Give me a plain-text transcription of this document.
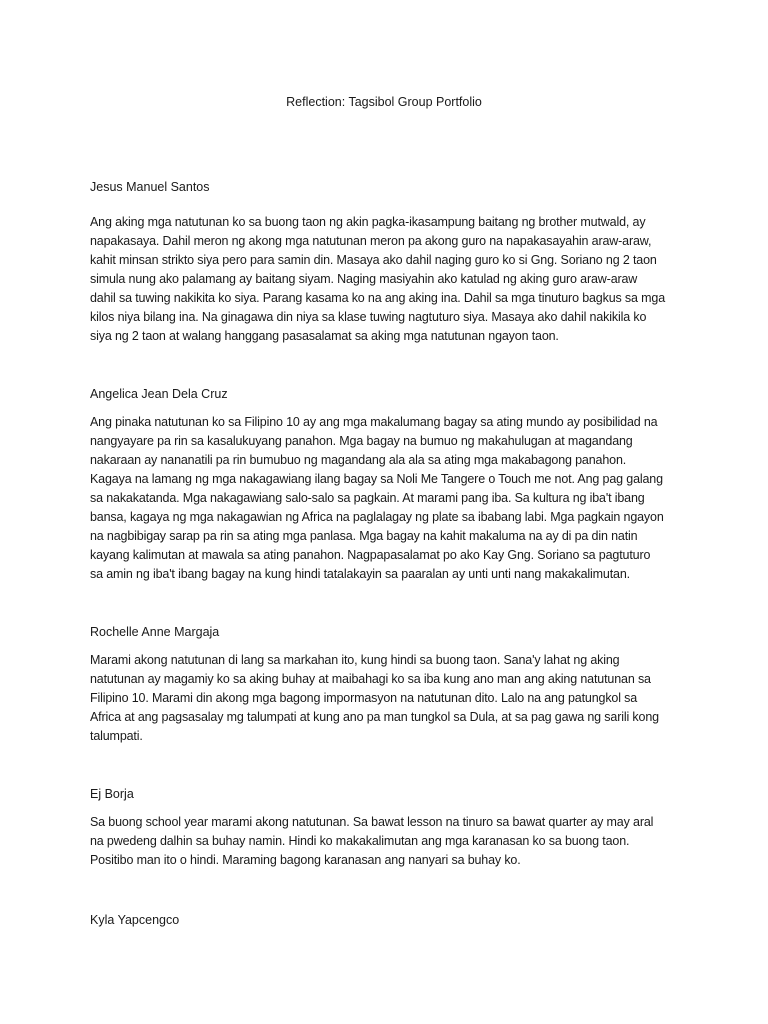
Reflection: Tagsibol Group Portfolio
Jesus Manuel Santos
Ang aking mga natutunan ko sa buong taon ng akin pagka-ikasampung baitang ng brother mutwald, ay
napakasaya. Dahil meron ng akong mga natutunan meron pa akong guro na napakasayahin araw-araw,
kahit minsan strikto siya pero para samin din. Masaya ako dahil naging guro ko si Gng. Soriano ng 2 taon
simula nung ako palamang ay baitang siyam. Naging masiyahin ako katulad ng aking guro araw-araw
dahil sa tuwing nakikita ko siya. Parang kasama ko na ang aking ina. Dahil sa mga tinuturo bagkus sa mga
kilos niya bilang ina. Na ginagawa din niya sa klase tuwing nagtuturo siya. Masaya ako dahil nakikila ko
siya ng 2 taon at walang hanggang pasasalamat sa aking mga natutunan ngayon taon.
Angelica Jean Dela Cruz
Ang pinaka natutunan ko sa Filipino 10 ay ang mga makalumang bagay sa ating mundo ay posibilidad na
nangyayare pa rin sa kasalukuyang panahon. Mga bagay na bumuo ng makahulugan at magandang
nakaraan ay nananatili pa rin bumubuo ng magandang ala ala sa ating mga makabagong panahon.
Kagaya na lamang ng mga nakagawiang ilang bagay sa Noli Me Tangere o Touch me not. Ang pag galang
sa nakakatanda. Mga nakagawiang salo-salo sa pagkain. At marami pang iba. Sa kultura ng iba't ibang
bansa, kagaya ng mga nakagawian ng Africa na paglalagay ng plate sa ibabang labi. Mga pagkain ngayon
na nagbibigay sarap pa rin sa ating mga panlasa. Mga bagay na kahit makaluma na ay di pa din natin
kayang kalimutan at mawala sa ating panahon. Nagpapasalamat po ako Kay Gng. Soriano sa pagtuturo
sa amin ng iba't ibang bagay na kung hindi tatalakayin sa paaralan ay unti unti nang makakalimutan.
Rochelle Anne Margaja
Marami akong natutunan di lang sa markahan ito, kung hindi sa buong taon. Sana'y lahat ng aking
natutunan ay magamiy ko sa aking buhay at maibahagi ko sa iba kung ano man ang aking natutunan sa
Filipino 10. Marami din akong mga bagong impormasyon na natutunan dito. Lalo na ang patungkol sa
Africa at ang pagsasalay mg talumpati at kung ano pa man tungkol sa Dula, at sa pag gawa ng sarili kong
talumpati.
Ej Borja
Sa buong school year marami akong natutunan. Sa bawat lesson na tinuro sa bawat quarter ay may aral
na pwedeng dalhin sa buhay namin. Hindi ko makakalimutan ang mga karanasan ko sa buong taon.
Positibo man ito o hindi. Maraming bagong karanasan ang nanyari sa buhay ko.
Kyla Yapcengco
